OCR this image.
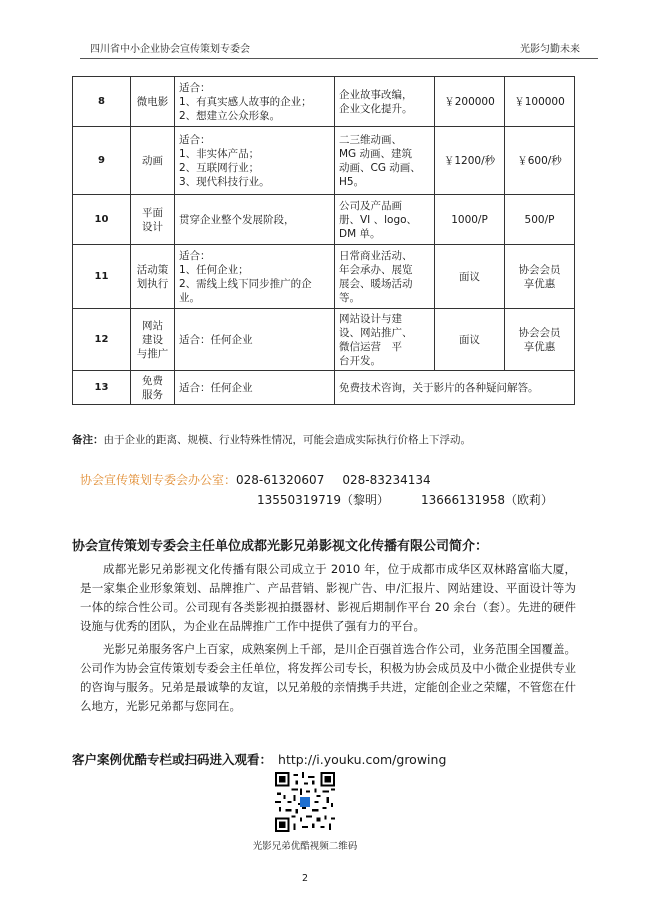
四川省中小企业协会宣传策划专委会	光影匀勤未来
8	微电影	适合：
1、有真实感人故事的企业；
2、想建立公众形象。	企业故事改编，
企业文化提升。	￥200000	￥100000

9	动画	适合：
1、非实体产品；
2、互联网行业；
3、现代科技行业。	二三维动画、
MG 动画、建筑
动画、CG 动画、
H5。	￥1200/秒	￥600/秒

10	平面
设计	贯穿企业整个发展阶段，	公司及产品画
册、VI 、logo、
DM 单。	1000/P	500/P

11	活动策
划执行	适合：
1、任何企业；
2、需线上线下同步推广的企
业。	日常商业活动、
年会承办、展览
展会、暖场活动
等。	面议	协会会员
享优惠

12	网站
建设
与推广	适合：任何企业	网站设计与建
设、网站推广、
微信运营　平
台开发。	面议	协会会员
享优惠

13	免费
服务	适合：任何企业	免费技术咨询，关于影片的各种疑问解答。		
备注：由于企业的距离、规模、行业特殊性情况，可能会造成实际执行价格上下浮动。
协会宣传策划专委会办公室：028-61320607 028-83234134
13550319719（黎明）	13666131958（欧莉）
协会宣传策划专委会主任单位成都光影兄弟影视文化传播有限公司简介：

成都光影兄弟影视文化传播有限公司成立于 2010 年，位于成都市成华区双林路富临大厦，是一家集企业形象策划、品牌推广、产品营销、影视广告、申/汇报片、网站建设、平面设计等为一体的综合性公司。公司现有各类影视拍摄器材、影视后期制作平台 20 余台（套）。先进的硬件设施与优秀的团队，为企业在品牌推广工作中提供了强有力的平台。

光影兄弟服务客户上百家，成熟案例上千部，是川企百强首选合作公司，业务范围全国覆盖。公司作为协会宣传策划专委会主任单位，将发挥公司专长，积极为协会成员及中小微企业提供专业的咨询与服务。兄弟是最诚挚的友谊，以兄弟般的亲情携手共进，定能创企业之荣耀，不管您在什么地方，光影兄弟都与您同在。

客户案例优酷专栏或扫码进入观看： http://i.youku.com/growing
光影兄弟优酷视频二维码
2
